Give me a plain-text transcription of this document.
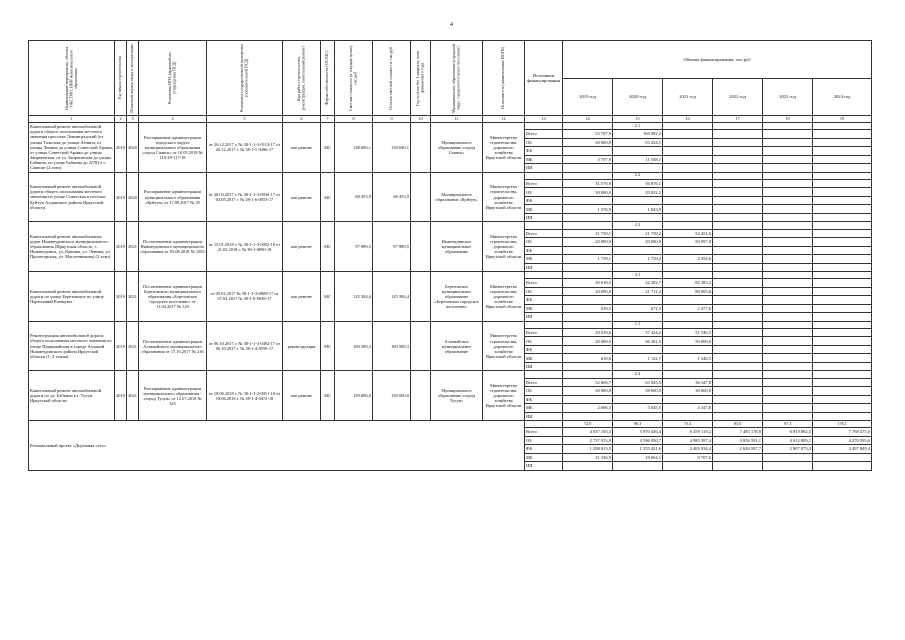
4
Наименование мероприятия, объекта ОКСТМО, ИНН муниципального образования	Год начала строительства	Плановый период ввода в эксплуатацию	Реквизиты НПА (правовой акт утверждения ПСД)	Реквизиты государственной экспертизы (положительной ПСД)	Вид работ (строительство, реконструкция, капитальный ремонт)	Форма собственности (ОС/МС)	Сметная стоимость (в текущих ценах), тыс.руб	Остаток сметной стоимости, тыс.руб	Год остаток без 1 квартала, план финансового года	Муниципальное образование (городской округ, городское/сельское поселение)	Исполнитель (наименование ИОГВ)	Источники финансирования	Объемы финансирования, тыс.руб					
													2019 год	2020 год	2021 год	2022 год	2023 год	2024 год
1	2	3	4	5	6	7	8	9	10	11	12	13	14	15	16	17	18	19
Капитальный ремонт автомобильной дороги общего пользования местного значения проспект Ленинградский (от улицы Тальская до улицы Ленина, от улицы Ленина до улицы Советской Армии, от улицы Советской Армии до улицы Заиркинская, от ул. Заиркинская до улицы Бабкина, по улице Бабкина до АТП) в г. Саянске (2 этап)	2019	2020	Распоряжение администрации городского округа муниципального образования «город Саянск» от 10.05.2018 № 110-29-117-18	от 26.12.2017 г. № 38-1-1-3-0113-17 от 26.12.2017 г. № 38-1-1-0496-17	кап.ремонт	МС	138 690,1	138 690,1		Муниципальное образование «город Саянск»	Министерство строительства, дорожного хозяйства Иркутской области			2.1				
												Всего	33 707,9	104 982,2				
												ОБ	30 000,0	93 434,1				
												ФБ						
												МБ	3 707,9	11 548,1				
												ИИ						
Капитальный ремонт автомобильной дороги общего пользования местного значения по улице Советская в поселке Куйтун Алданского района Иркутской области	2019	2020	Распоряжение администрации муниципального образования «Куйтун» от 17.09.2017 № 35	от 28.03.2017 г. № 38-1-1-3-0030-17 от 02.05.2017 г. № 38-1-6-0053-17	кап.ремонт	МС	68 453,9	68 453,9		Муниципальное образование «Куйтун»	Министерство строительства, дорожного хозяйства Иркутской области			2.2				
												Всего	31 576,9	36 876,1				
												ОБ	30 000,0	35 032,2				
												ФБ						
												МБ	1 576,9	1 843,9				
												ИИ						
Капитальный ремонт автомобильных дорог Нижнеудинского муниципального образования (Иркутская область, г. Нижнеудинск, ул. Кашика, ул. Ленина, ул. Пролетарская, ул. Масленникова) (2 этап)	2019	2021	Постановление администрации Нижнеудинского муниципального образования от 03.08.2018 № 1055	от 15.01.2018 г. № 38-1-1-3-0002-18 от 21.02.2018 г. № 38-1-0090-18	кап.ремонт	МС	97 989,5	97 989,5		Нижнеудинское муниципальное образование	Министерство строительства, дорожного хозяйства Иркутской области			2.3				
												Всего	21 739,1	21 739,2	54 451,6			
												ОБ	20 000,0	20 000,0	50 097,0			
												ФБ						
												МБ	1 739,1	1 739,2	4 354,6			
												ИИ						
Капитальный ремонт автомобильной дороги по улице Березовское по улице Партизаний Коммуны	2019	2021	Постановление администрации Березовского муниципального образования «Березовское городское поселение» от 11.04.2017 № 120	от 09.02.2017 № 38-1-1-3-0009-17 от 07.04.2017 № 38-1-6-0049-17	кап.ремонт	МС	125 384,4	125 384,4		Березовское муниципальное образование «Березовское городское поселение»	Министерство строительства, дорожного хозяйства Иркутской области			3.1				
												Всего	20 618,5	22 382,7	82 383,2			
												ОБ	20 000,0	21 711,2	80 905,6			
												ФБ						
												МБ	618,5	671,5	2 477,6			
												ИИ						
Реконструкция автомобильной дороги общего пользования местного значения по улице Первомайская в городе Алзамай Нижнеудинского района Иркутской области (1, 2 этапы)	2019	2021	Постановление администрации Алзамайского муниципального образования от 17.10.2017 № 216	от 06.10.2017 г. № 38-1-1-3-0492-17 от 06.10.2017 г. № 38-1-4-0559-17	реконструкция	МС	109 589,3	109 589,3		Алзамайское муниципальное образование	Министерство строительства, дорожного хозяйства Иркутской области			1.1				
												Всего	20 618,6	37 424,2	51 546,5			
												ОБ	20 000,0	36 301,5	50 000,0			
												ФБ						
												МБ	618,6	1 122,7	1 546,5			
												ИИ						
Капитальный ремонт автомобильной дороги по ул. Бабкина в г. Тулун Иркутской области	2019	2021	Распоряжение администрации муниципального образования - «город Тулун» от 12.07.2018 № 325	от 18.06.2018 г. № 38-1-1-2-0051-18 от 18.06.2018 г. № 38-1-4-0472-18	кап.ремонт	МС	139 000,0	139 000,0		Муниципальное образование «город Тулун»	Министерство строительства, дорожного хозяйства Иркутской области			2.4				
												Всего	32 606,7	63 045,5	36 347,8			
												ОБ	30 000,0	58 000,0	30 000,0			
												ФБ						
												МБ	2 606,3	5 045,5	4 347,8			
												ИИ						
Региональный проект «Дорожная сеть»													72,0	96,3	73,4	83,0	97,3	178,1
												Всего	4 037 103,3	5 970 436,4	6 459 119,2	7 483 178,8	6 819 882,5	7 768 475,0
												ОБ	2 737 913,9	4 596 950,7	4 985 397,4	4 856 591,1	4 012 809,1	4 270 595,6
												ФБ	1 298 813,5	1 355 421,6	2 465 934,4	2 626 587,7	2 807 073,4	3 497 849,4
												МБ	21 336,9	18 064,1	9 707,6			
												ИИ						
